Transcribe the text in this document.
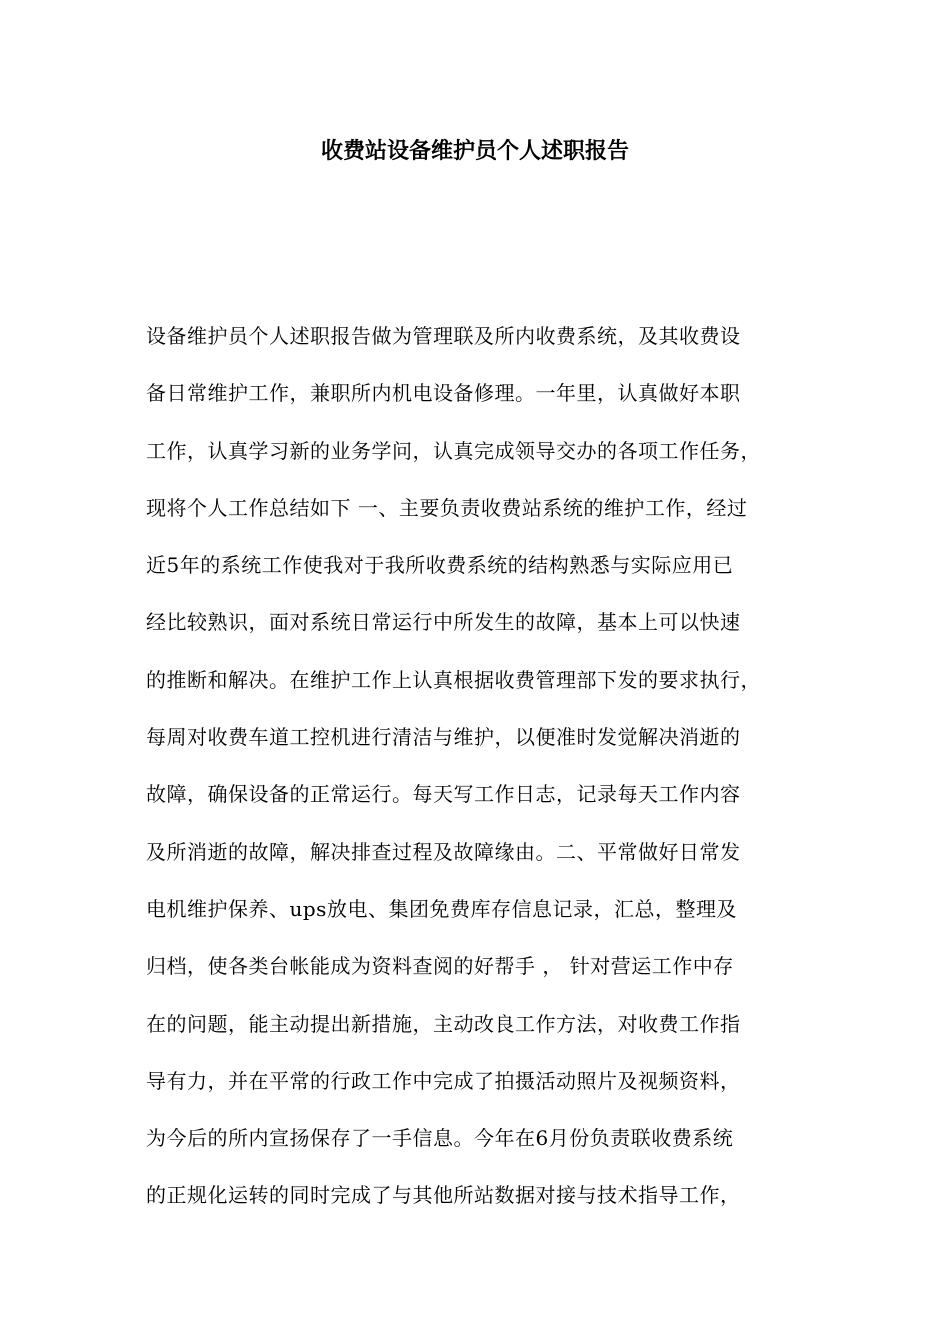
收费站设备维护员个人述职报告
设备维护员个人述职报告做为管理联及所内收费系统，及其收费设
备日常维护工作，兼职所内机电设备修理。一年里，认真做好本职
工作，认真学习新的业务学问，认真完成领导交办的各项工作任务，
现将个人工作总结如下 一、主要负责收费站系统的维护工作，经过
近5年的系统工作使我对于我所收费系统的结构熟悉与实际应用已
经比较熟识，面对系统日常运行中所发生的故障，基本上可以快速
的推断和解决。在维护工作上认真根据收费管理部下发的要求执行，
每周对收费车道工控机进行清洁与维护，以便准时发觉解决消逝的
故障，确保设备的正常运行。每天写工作日志，记录每天工作内容
及所消逝的故障，解决排查过程及故障缘由。二、平常做好日常发
电机维护保养、ups放电、集团免费库存信息记录，汇总，整理及
归档，使各类台帐能成为资料查阅的好帮手 ， 针对营运工作中存
在的问题，能主动提出新措施，主动改良工作方法，对收费工作指
导有力，并在平常的行政工作中完成了拍摄活动照片及视频资料，
为今后的所内宣扬保存了一手信息。今年在6月份负责联收费系统
的正规化运转的同时完成了与其他所站数据对接与技术指导工作，
